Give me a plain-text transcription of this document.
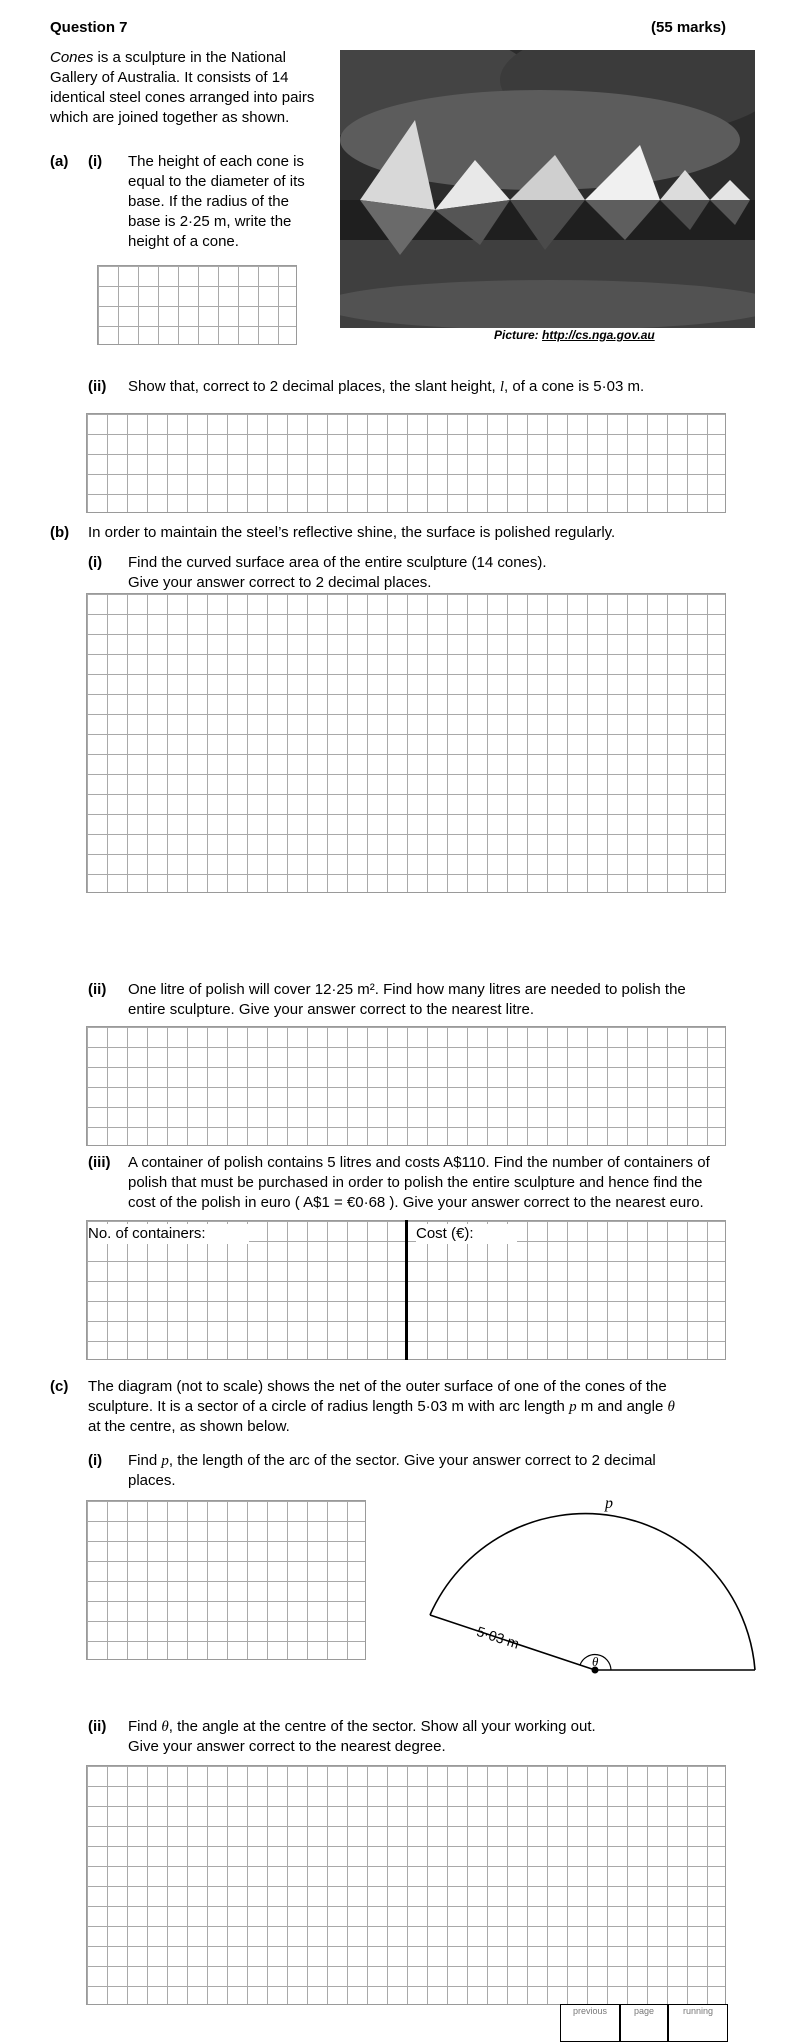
Question 7	(55 marks)
Cones is a sculpture in the National Gallery of Australia. It consists of 14 identical steel cones arranged into pairs which are joined together as shown.
Picture: http://cs.nga.gov.au
(a) (i) The height of each cone is equal to the diameter of its base. If the radius of the base is 2·25 m, write the height of a cone.
(ii) Show that, correct to 2 decimal places, the slant height, l, of a cone is 5·03 m.
(b) In order to maintain the steel’s reflective shine, the surface is polished regularly.
(i) Find the curved surface area of the entire sculpture (14 cones).
Give your answer correct to 2 decimal places.
(ii) One litre of polish will cover 12·25 m². Find how many litres are needed to polish the
entire sculpture. Give your answer correct to the nearest litre.
(iii) A container of polish contains 5 litres and costs A$110. Find the number of containers of
polish that must be purchased in order to polish the entire sculpture and hence find the
cost of the polish in euro ( A$1 = €0·68 ). Give your answer correct to the nearest euro.
No. of containers:	Cost (€):
(c) The diagram (not to scale) shows the net of the outer surface of one of the cones of the
sculpture. It is a sector of a circle of radius length 5·03 m with arc length p m and angle θ
at the centre, as shown below.
(i) Find p, the length of the arc of the sector. Give your answer correct to 2 decimal
places.
p
5·03 m
θ
(ii) Find θ, the angle at the centre of the sector. Show all your working out.
Give your answer correct to the nearest degree.
previous	page	running
